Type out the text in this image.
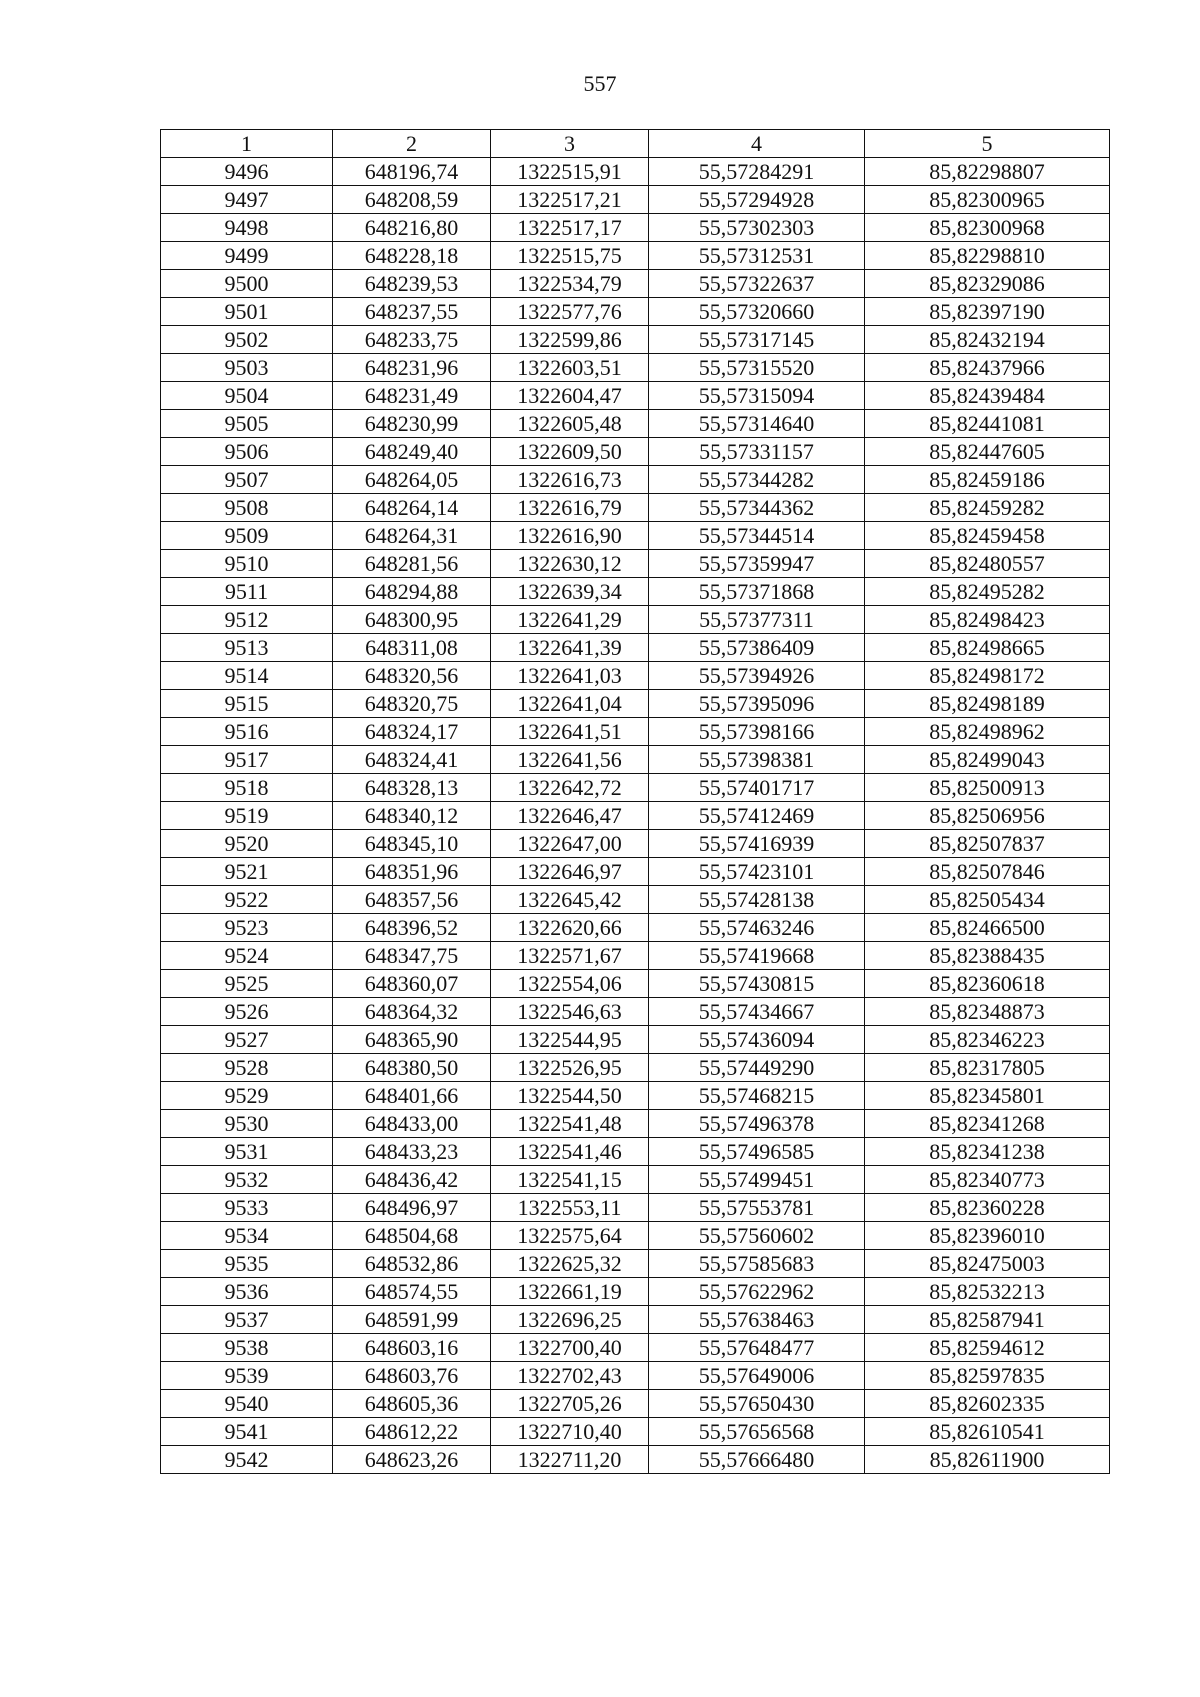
557
1	2	3	4	5
9496	648196,74	1322515,91	55,57284291	85,82298807
9497	648208,59	1322517,21	55,57294928	85,82300965
9498	648216,80	1322517,17	55,57302303	85,82300968
9499	648228,18	1322515,75	55,57312531	85,82298810
9500	648239,53	1322534,79	55,57322637	85,82329086
9501	648237,55	1322577,76	55,57320660	85,82397190
9502	648233,75	1322599,86	55,57317145	85,82432194
9503	648231,96	1322603,51	55,57315520	85,82437966
9504	648231,49	1322604,47	55,57315094	85,82439484
9505	648230,99	1322605,48	55,57314640	85,82441081
9506	648249,40	1322609,50	55,57331157	85,82447605
9507	648264,05	1322616,73	55,57344282	85,82459186
9508	648264,14	1322616,79	55,57344362	85,82459282
9509	648264,31	1322616,90	55,57344514	85,82459458
9510	648281,56	1322630,12	55,57359947	85,82480557
9511	648294,88	1322639,34	55,57371868	85,82495282
9512	648300,95	1322641,29	55,57377311	85,82498423
9513	648311,08	1322641,39	55,57386409	85,82498665
9514	648320,56	1322641,03	55,57394926	85,82498172
9515	648320,75	1322641,04	55,57395096	85,82498189
9516	648324,17	1322641,51	55,57398166	85,82498962
9517	648324,41	1322641,56	55,57398381	85,82499043
9518	648328,13	1322642,72	55,57401717	85,82500913
9519	648340,12	1322646,47	55,57412469	85,82506956
9520	648345,10	1322647,00	55,57416939	85,82507837
9521	648351,96	1322646,97	55,57423101	85,82507846
9522	648357,56	1322645,42	55,57428138	85,82505434
9523	648396,52	1322620,66	55,57463246	85,82466500
9524	648347,75	1322571,67	55,57419668	85,82388435
9525	648360,07	1322554,06	55,57430815	85,82360618
9526	648364,32	1322546,63	55,57434667	85,82348873
9527	648365,90	1322544,95	55,57436094	85,82346223
9528	648380,50	1322526,95	55,57449290	85,82317805
9529	648401,66	1322544,50	55,57468215	85,82345801
9530	648433,00	1322541,48	55,57496378	85,82341268
9531	648433,23	1322541,46	55,57496585	85,82341238
9532	648436,42	1322541,15	55,57499451	85,82340773
9533	648496,97	1322553,11	55,57553781	85,82360228
9534	648504,68	1322575,64	55,57560602	85,82396010
9535	648532,86	1322625,32	55,57585683	85,82475003
9536	648574,55	1322661,19	55,57622962	85,82532213
9537	648591,99	1322696,25	55,57638463	85,82587941
9538	648603,16	1322700,40	55,57648477	85,82594612
9539	648603,76	1322702,43	55,57649006	85,82597835
9540	648605,36	1322705,26	55,57650430	85,82602335
9541	648612,22	1322710,40	55,57656568	85,82610541
9542	648623,26	1322711,20	55,57666480	85,82611900
